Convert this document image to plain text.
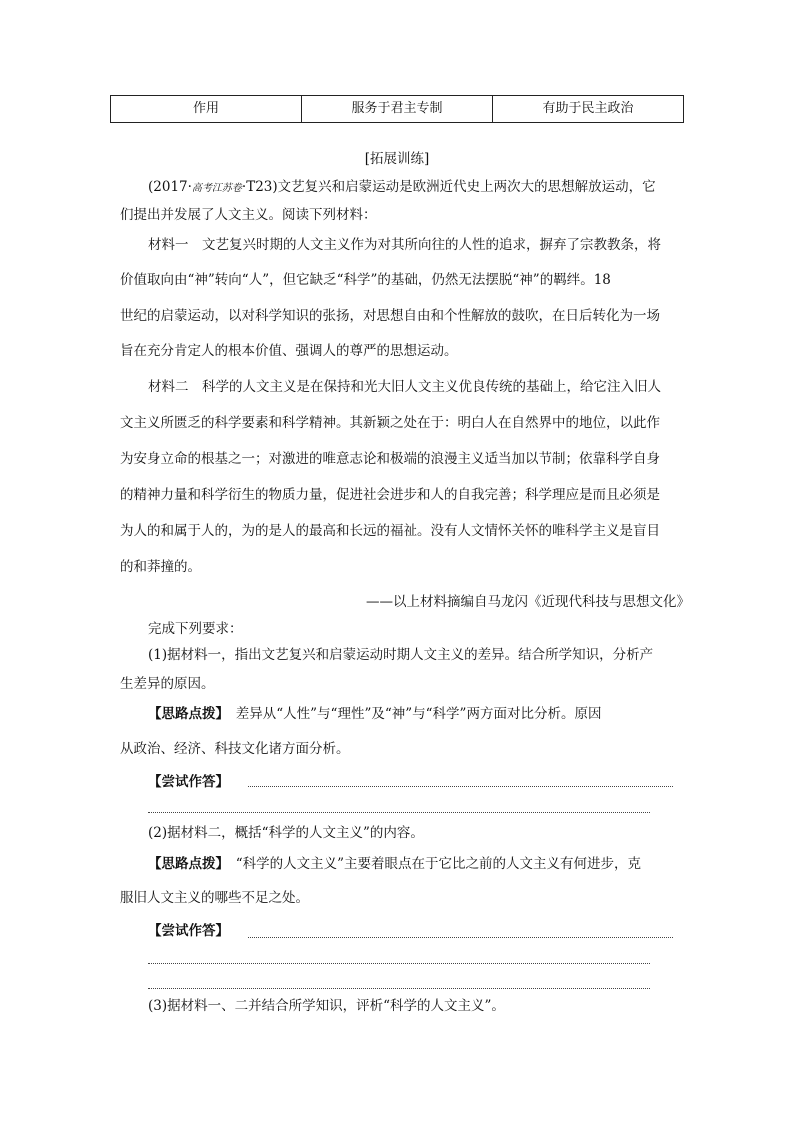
作用	服务于君主专制	有助于民主政治
[拓展训练]
(2017·高考江苏卷·T23)文艺复兴和启蒙运动是欧洲近代史上两次大的思想解放运动，它
们提出并发展了人文主义。阅读下列材料：
材料一　文艺复兴时期的人文主义作为对其所向往的人性的追求，摒弃了宗教教条，将
价值取向由“神”转向“人”，但它缺乏“科学”的基础，仍然无法摆脱“神”的羁绊。18
世纪的启蒙运动，以对科学知识的张扬，对思想自由和个性解放的鼓吹，在日后转化为一场
旨在充分肯定人的根本价值、强调人的尊严的思想运动。
材料二　科学的人文主义是在保持和光大旧人文主义优良传统的基础上，给它注入旧人
文主义所匮乏的科学要素和科学精神。其新颖之处在于：明白人在自然界中的地位，以此作
为安身立命的根基之一；对激进的唯意志论和极端的浪漫主义适当加以节制；依靠科学自身
的精神力量和科学衍生的物质力量，促进社会进步和人的自我完善；科学理应是而且必须是
为人的和属于人的，为的是人的最高和长远的福祉。没有人文情怀关怀的唯科学主义是盲目
的和莽撞的。
——以上材料摘编自马龙闪《近现代科技与思想文化》
完成下列要求：
(1)据材料一，指出文艺复兴和启蒙运动时期人文主义的差异。结合所学知识，分析产
生差异的原因。
【思路点拨】　差异从“人性”与“理性”及“神”与“科学”两方面对比分析。原因
从政治、经济、科技文化诸方面分析。
【尝试作答】
(2)据材料二，概括“科学的人文主义”的内容。
【思路点拨】　“科学的人文主义”主要着眼点在于它比之前的人文主义有何进步，克
服旧人文主义的哪些不足之处。
【尝试作答】
(3)据材料一、二并结合所学知识，评析“科学的人文主义”。
